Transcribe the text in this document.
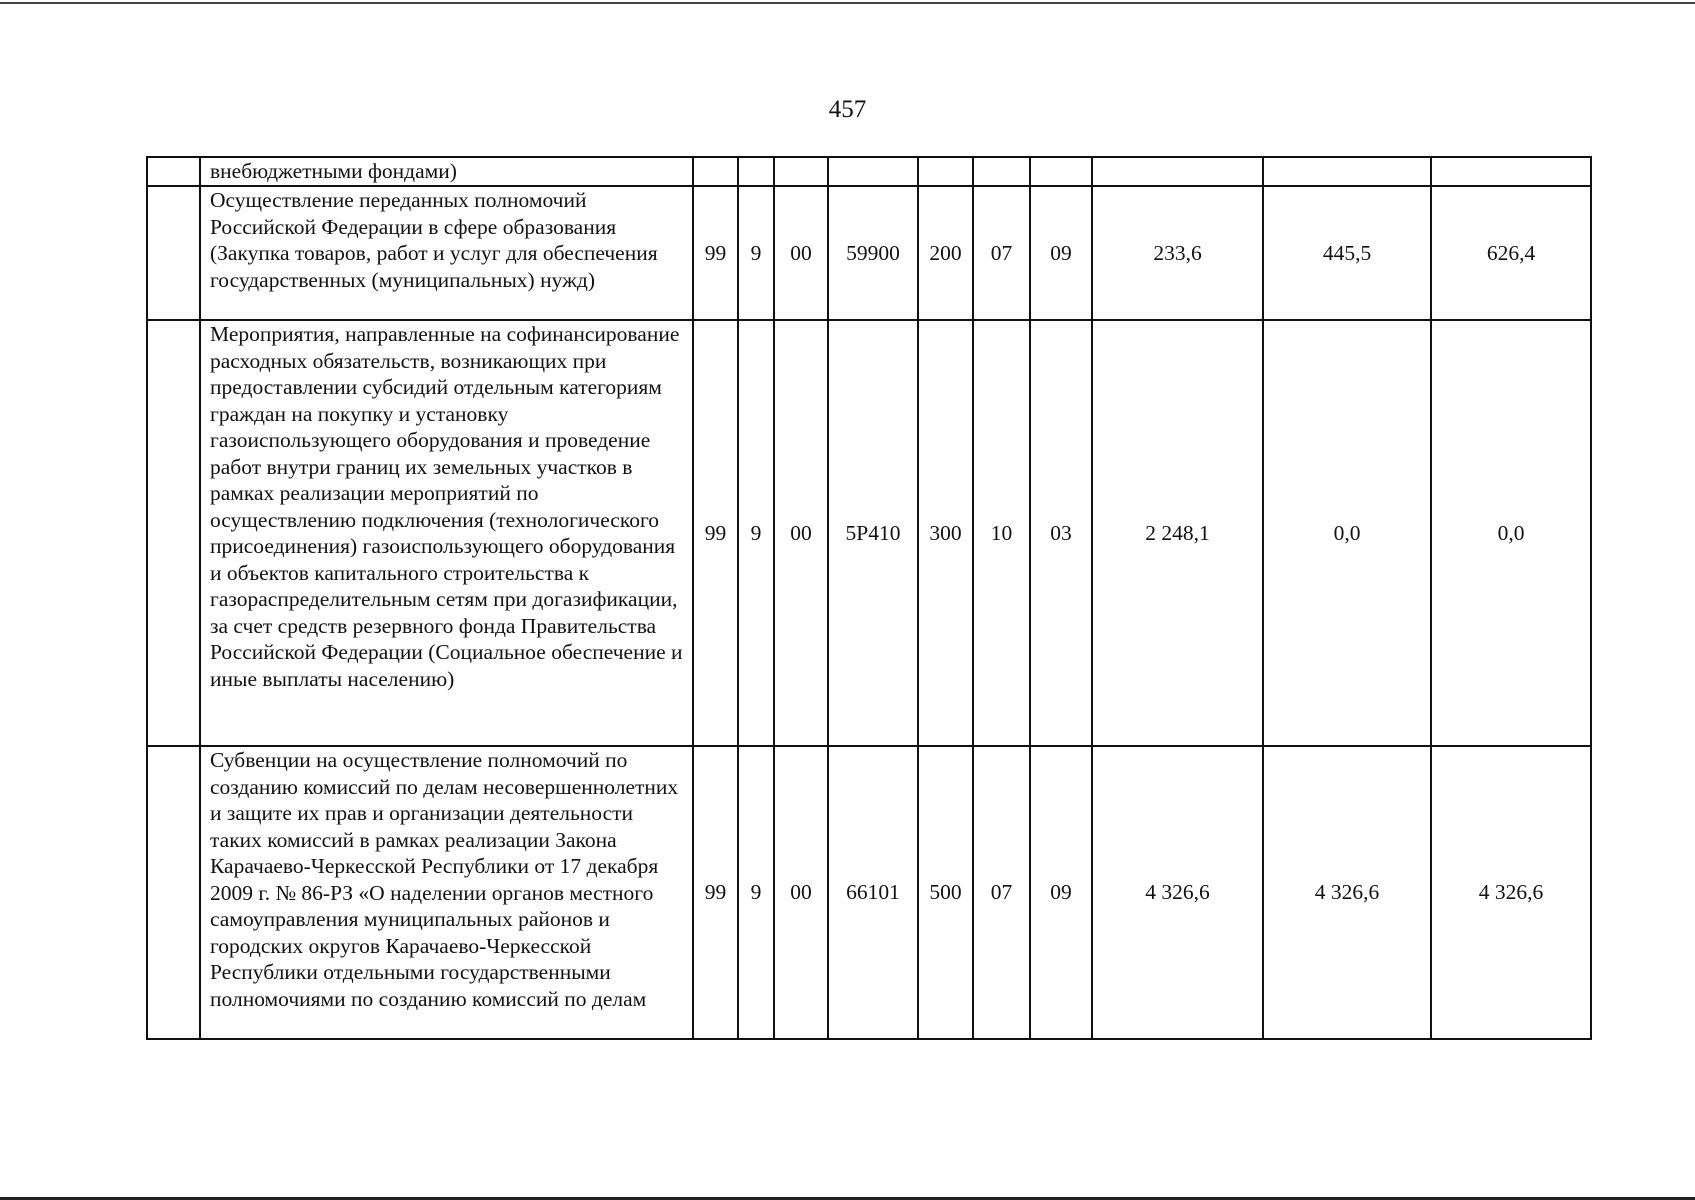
457
	внебюджетными фондами)										
	Осуществление переданных полномочий Российской Федерации в сфере образования (Закупка товаров, работ и услуг для обеспечения государственных (муниципальных) нужд)	99	9	00	59900	200	07	09	233,6	445,5	626,4
	Мероприятия, направленные на софинансирование расходных обязательств, возникающих при предоставлении субсидий отдельным категориям граждан на покупку и установку газоиспользующего оборудования и проведение работ внутри границ их земельных участков в рамках реализации мероприятий по осуществлению подключения (технологического присоединения) газоиспользующего оборудования и объектов капитального строительства к газораспределительным сетям при догазификации, за счет средств резервного фонда Правительства Российской Федерации (Социальное обеспечение и иные выплаты населению)	99	9	00	5Р410	300	10	03	2 248,1	0,0	0,0
	Субвенции на осуществление полномочий по созданию комиссий по делам несовершеннолетних и защите их прав и организации деятельности таких комиссий в рамках реализации Закона Карачаево-Черкесской Республики от 17 декабря 2009 г. № 86-РЗ «О наделении органов местного самоуправления муниципальных районов и городских округов Карачаево-Черкесской Республики отдельными государственными полномочиями по созданию комиссий по делам	99	9	00	66101	500	07	09	4 326,6	4 326,6	4 326,6
